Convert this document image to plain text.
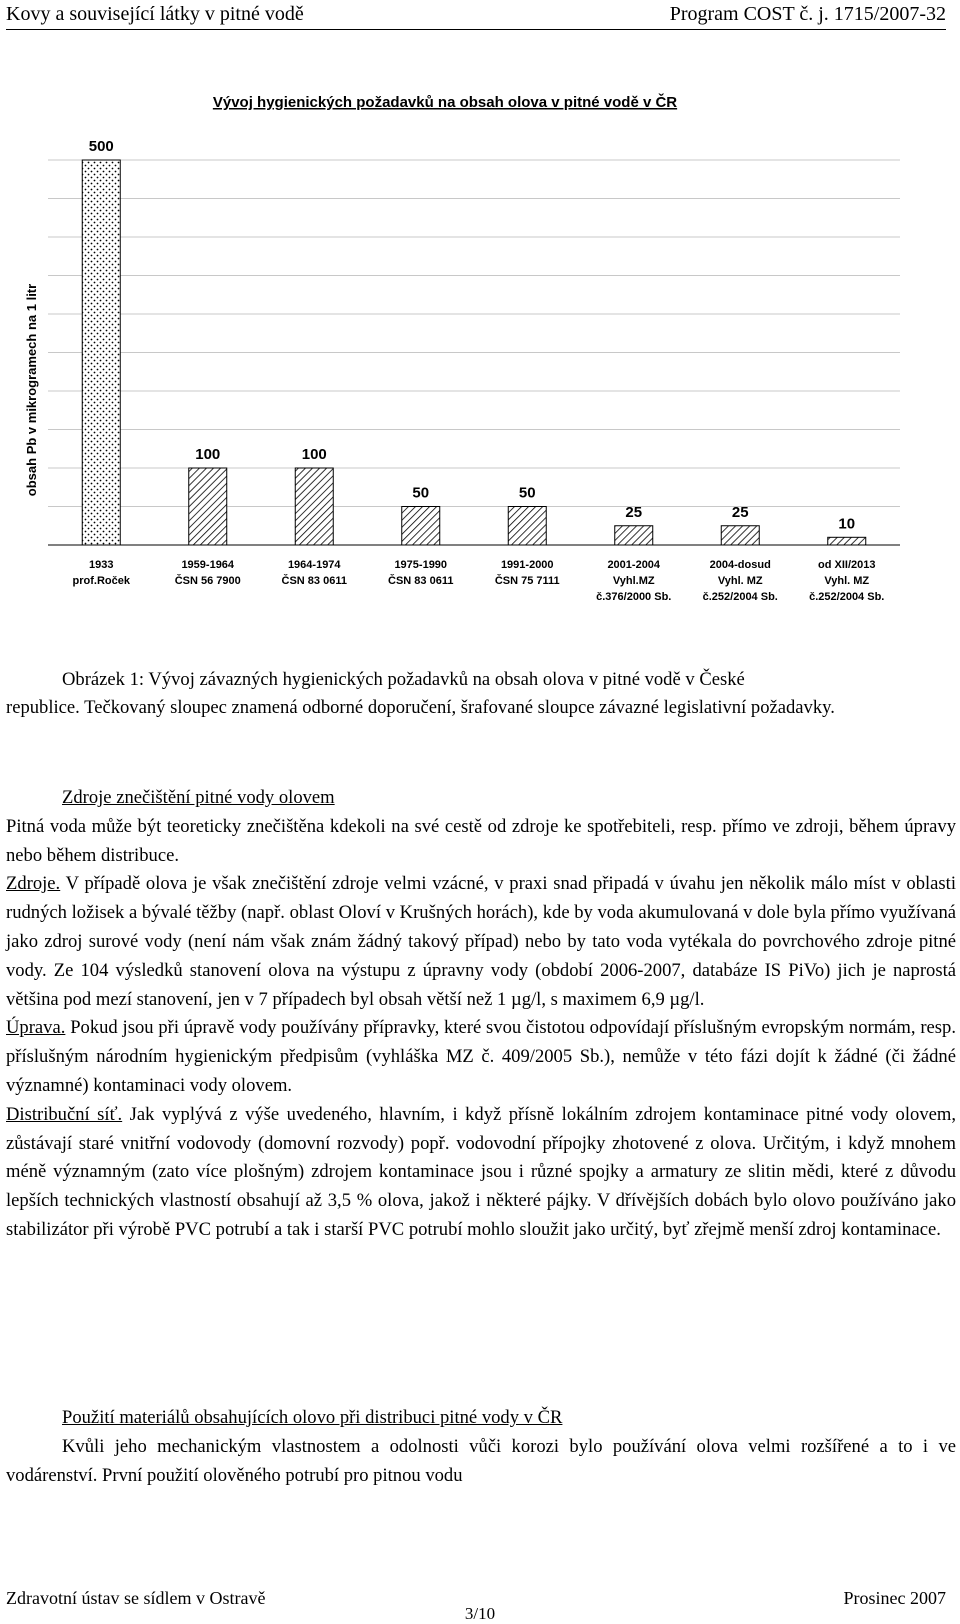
Kovy a související látky v pitné vodě	Program COST č. j. 1715/2007-32
Vývoj hygienických požadavků na obsah olova v pitné vodě v ČR
obsah Pb v mikrogramech na 1 litr
500
100	100
50	50
25	25
10
1933
prof.Roček
1959-1964
ČSN 56 7900
1964-1974
ČSN 83 0611
1975-1990
ČSN 83 0611
1991-2000
ČSN 75 7111
2001-2004
Vyhl.MZ
č.376/2000 Sb.
2004-dosud
Vyhl. MZ
č.252/2004 Sb.
od XII/2013
Vyhl. MZ
č.252/2004 Sb.
Obrázek 1: Vývoj závazných hygienických požadavků na obsah olova v pitné vodě v České
republice. Tečkovaný sloupec znamená odborné doporučení, šrafované sloupce závazné legislativní požadavky.
Zdroje znečištění pitné vody olovem

Pitná voda může být teoreticky znečištěna kdekoli na své cestě od zdroje ke spotřebiteli, resp. přímo ve zdroji, během úpravy nebo během distribuce.

Zdroje. V případě olova je však znečištění zdroje velmi vzácné, v praxi snad připadá v úvahu jen několik málo míst v oblasti rudných ložisek a bývalé těžby (např. oblast Oloví v Krušných horách), kde by voda akumulovaná v dole byla přímo využívaná jako zdroj surové vody (není nám však znám žádný takový případ) nebo by tato voda vytékala do povrchového zdroje pitné vody. Ze 104 výsledků stanovení olova na výstupu z úpravny vody (období 2006-2007, databáze IS PiVo) jich je naprostá většina pod mezí stanovení, jen v 7 případech byl obsah větší než 1 µg/l, s maximem 6,9 µg/l.

Úprava. Pokud jsou při úpravě vody používány přípravky, které svou čistotou odpovídají příslušným evropským normám, resp. příslušným národním hygienickým předpisům (vyhláška MZ č. 409/2005 Sb.), nemůže v této fázi dojít k žádné (či žádné významné) kontaminaci vody olovem.

Distribuční síť. Jak vyplývá z výše uvedeného, hlavním, i když přísně lokálním zdrojem kontaminace pitné vody olovem, zůstávají staré vnitřní vodovody (domovní rozvody) popř. vodovodní přípojky zhotovené z olova. Určitým, i když mnohem méně významným (zato více plošným) zdrojem kontaminace jsou i různé spojky a armatury ze slitin mědi, které z důvodu lepších technických vlastností obsahují až 3,5 % olova, jakož i některé pájky. V dřívějších dobách bylo olovo používáno jako stabilizátor při výrobě PVC potrubí a tak i starší PVC potrubí mohlo sloužit jako určitý, byť zřejmě menší zdroj kontaminace.

Použití materiálů obsahujících olovo při distribuci pitné vody v ČR

Kvůli jeho mechanickým vlastnostem a odolnosti vůči korozi bylo používání olova velmi rozšířené a to i ve vodárenství. První použití olověného potrubí pro pitnou vodu

Zdravotní ústav se sídlem v Ostravě	Prosinec 2007
3/10
